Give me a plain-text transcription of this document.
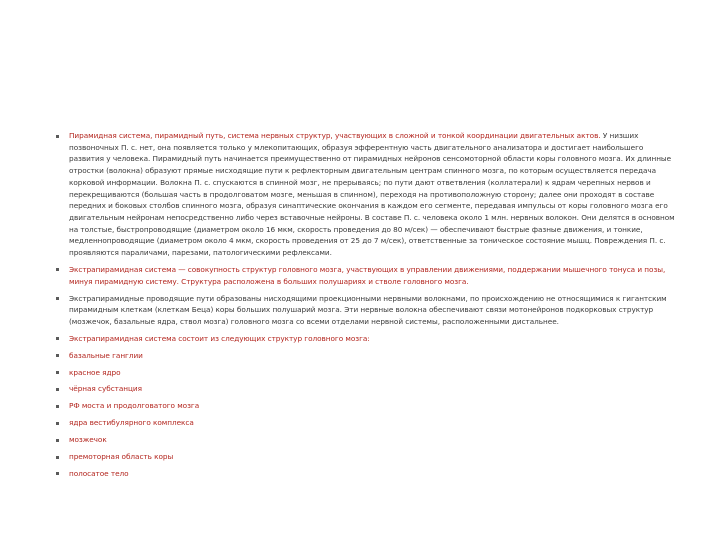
Пирамидная система, пирамидный путь, система нервных структур, участвующих в сложной и тонкой координации двигательных актов. У низших позвоночных П. с. нет, она появляется только у млекопитающих, образуя эфферентную часть двигательного анализатора и достигает наибольшего развития у человека. Пирамидный путь начинается преимущественно от пирамидных нейронов сенсомоторной области коры головного мозга. Их длинные отростки (волокна) образуют прямые нисходящие пути к рефлекторным двигательным центрам спинного мозга, по которым осуществляется передача корковой информации. Волокна П. с. спускаются в спинной мозг, не прерываясь; по пути дают ответвления (коллатерали) к ядрам черепных нервов и перекрещиваются (большая часть в продолговатом мозге, меньшая в спинном), переходя на противоположную сторону; далее они проходят в составе передних и боковых столбов спинного мозга, образуя синаптические окончания в каждом его сегменте, передавая импульсы от коры головного мозга его двигательным нейронам непосредственно либо через вставочные нейроны. В составе П. с. человека около 1 млн. нервных волокон. Они делятся в основном на толстые, быстропроводящие (диаметром около 16 мкм, скорость проведения до 80 м/сек) — обеспечивают быстрые фазные движения, и тонкие, медленнопроводящие (диаметром около 4 мкм, скорость проведения от 25 до 7 м/сек), ответственные за тоническое состояние мышц. Повреждения П. с. проявляются параличами, парезами, патологическими рефлексами.
Экстрапирамидная система — совокупность структур головного мозга, участвующих в управлении движениями, поддержании мышечного тонуса и позы, минуя пирамидную систему. Структура расположена в больших полушариях и стволе головного мозга.
Экстрапирамидные проводящие пути образованы нисходящими проекционными нервными волокнами, по происхождению не относящимися к гигантским пирамидным клеткам (клеткам Беца) коры больших полушарий мозга. Эти нервные волокна обеспечивают связи мотонейронов подкорковых структур (мозжечок, базальные ядра, ствол мозга) головного мозга со всеми отделами нервной системы, расположенными дистальнее.
Экстрапирамидная система состоит из следующих структур головного мозга:
базальные ганглии
красное ядро
чёрная субстанция
РФ моста и продолговатого мозга
ядра вестибулярного комплекса
мозжечок
премоторная область коры
полосатое тело
